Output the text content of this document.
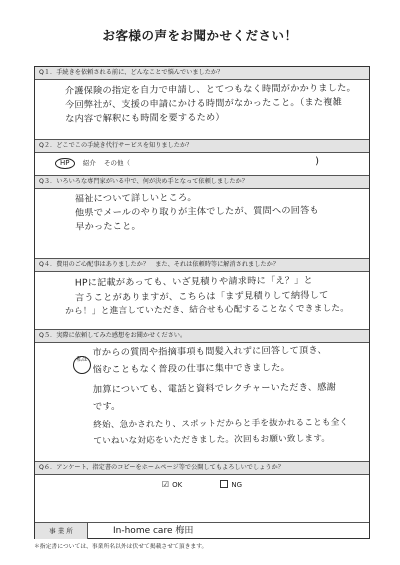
お客様の声をお聞かせください！
Q１．手続きを依頼される前に、どんなことで悩んでいましたか？
介護保険の指定を自力で申請し、とてつもなく時間がかかりました。
今回弊社が、支援の申請にかける時間がなかったこと。（また複雑
な内容で解釈にも時間を要するため）
Q２．どこでこの手続き代行サービスを知りましたか？
HP 紹介 その他（	)
Q３．いろいろな専門家がいる中で、何が決め手となって依頼しましたか？
福祉について詳しいところ。
他県でメールのやり取りが主体でしたが、質問への回答も
早かったこと。
Q４．費用のご心配事はありましたか？　また、それは依頼時等に解消されましたか？
HPに記載があっても、いざ見積りや請求時に「え？」と
言うことがありますが、こちらは「まず見積りして納得して
から！」と進言していただき、結合せも心配することなくできました。
Q５．実際に依頼してみた感想をお聞かせください。
私は
市からの質問や指摘事項も間髪入れずに回答して頂き、
悩むこともなく普段の仕事に集中できました。
加算についても、電話と資料でレクチャーいただき、感謝
です。
終始、急かされたり、スポットだからと手を抜かれることも全く
ていねいな対応をいただきました。次回もお願い致します。
Q６．アンケート、指定書のコピーをホームページ等で公開してもよろしいでしょうか？
☑ OK	NG
事 業 所	In-home care 梅田
＊指定書については、事業所名以外は伏せて掲載させて頂きます。
